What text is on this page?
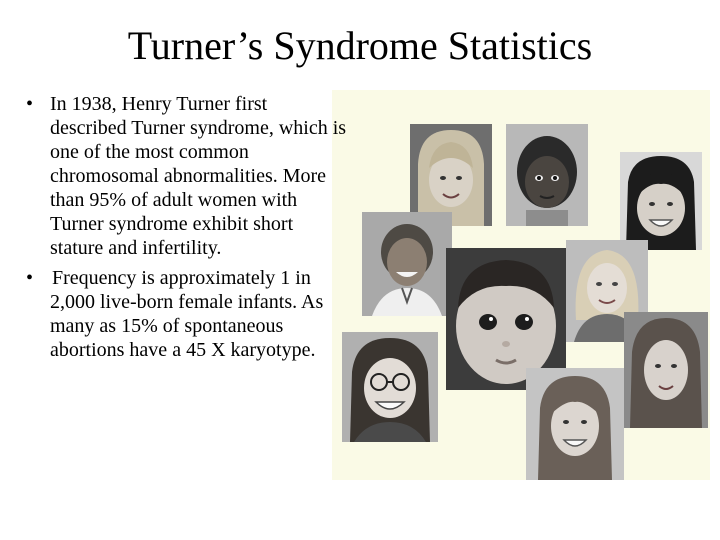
Turner’s Syndrome Statistics
• In 1938, Henry Turner first described Turner syndrome, which is one of the most common chromosomal abnormalities. More than 95% of adult women with Turner syndrome exhibit short stature and infertility.
• Frequency is approximately 1 in 2,000 live-born female infants. As many as 15% of spontaneous abortions have a 45 X karyotype.
